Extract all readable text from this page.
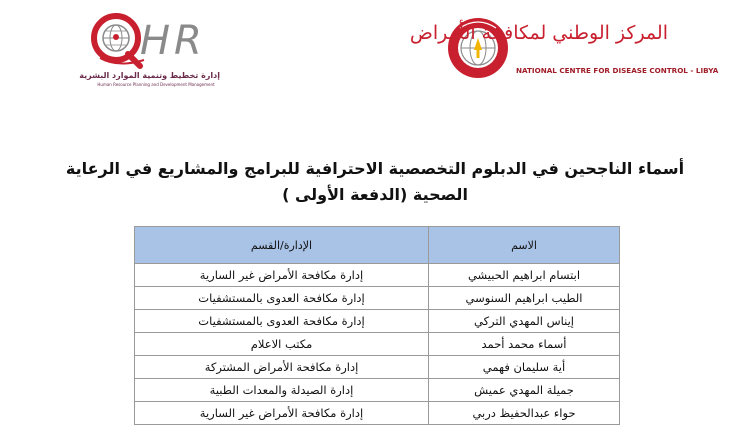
H R
إدارة تخطيط وتنمية الموارد البشرية
Human Resource Planning and Development Management
المركز الوطني لمكافحة الأمراض
NATIONAL CENTRE FOR DISEASE CONTROL - LIBYA
أسماء الناجحين في الدبلوم التخصصية الاحترافية للبرامج والمشاريع في الرعاية
الصحية (الدفعة الأولى )
الاسم	الإدارة/القسم
ابتسام ابراهيم الحبيشي	إدارة مكافحة الأمراض غير السارية
الطيب ابراهيم السنوسي	إدارة مكافحة العدوى بالمستشفيات
إيناس المهدي التركي	إدارة مكافحة العدوى بالمستشفيات
أسماء محمد أحمد	مكتب الاعلام
أية سليمان فهمي	إدارة مكافحة الأمراض المشتركة
جميلة المهدي عميش	إدارة الصيدلة والمعدات الطبية
حواء عبدالحفيظ دربي	إدارة مكافحة الأمراض غير السارية
